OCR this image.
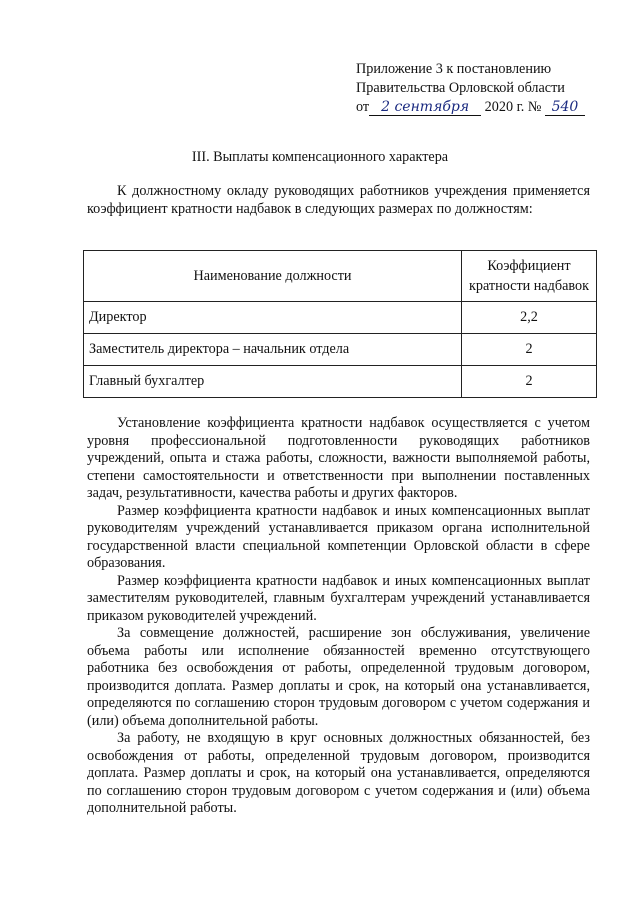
Приложение 3 к постановлению
Правительства Орловской области
от 2 сентября 2020 г. № 540
III. Выплаты компенсационного характера
К должностному окладу руководящих работников учреждения применяется коэффициент кратности надбавок в следующих размерах по должностям:
Наименование должности	Коэффициент кратности надбавок
Директор	2,2
Заместитель директора – начальник отдела	2
Главный бухгалтер	2

Установление коэффициента кратности надбавок осуществляется с учетом уровня профессиональной подготовленности руководящих работников учреждений, опыта и стажа работы, сложности, важности выполняемой работы, степени самостоятельности и ответственности при выполнении поставленных задач, результативности, качества работы и других факторов.

Размер коэффициента кратности надбавок и иных компенсационных выплат руководителям учреждений устанавливается приказом органа исполнительной государственной власти специальной компетенции Орловской области в сфере образования.

Размер коэффициента кратности надбавок и иных компенсационных выплат заместителям руководителей, главным бухгалтерам учреждений устанавливается приказом руководителей учреждений.

За совмещение должностей, расширение зон обслуживания, увеличение объема работы или исполнение обязанностей временно отсутствующего работника без освобождения от работы, определенной трудовым договором, производится доплата. Размер доплаты и срок, на который она устанавливается, определяются по соглашению сторон трудовым договором с учетом содержания и (или) объема дополнительной работы.

За работу, не входящую в круг основных должностных обязанностей, без освобождения от работы, определенной трудовым договором, производится доплата. Размер доплаты и срок, на который она устанавливается, определяются по соглашению сторон трудовым договором с учетом содержания и (или) объема дополнительной работы.
